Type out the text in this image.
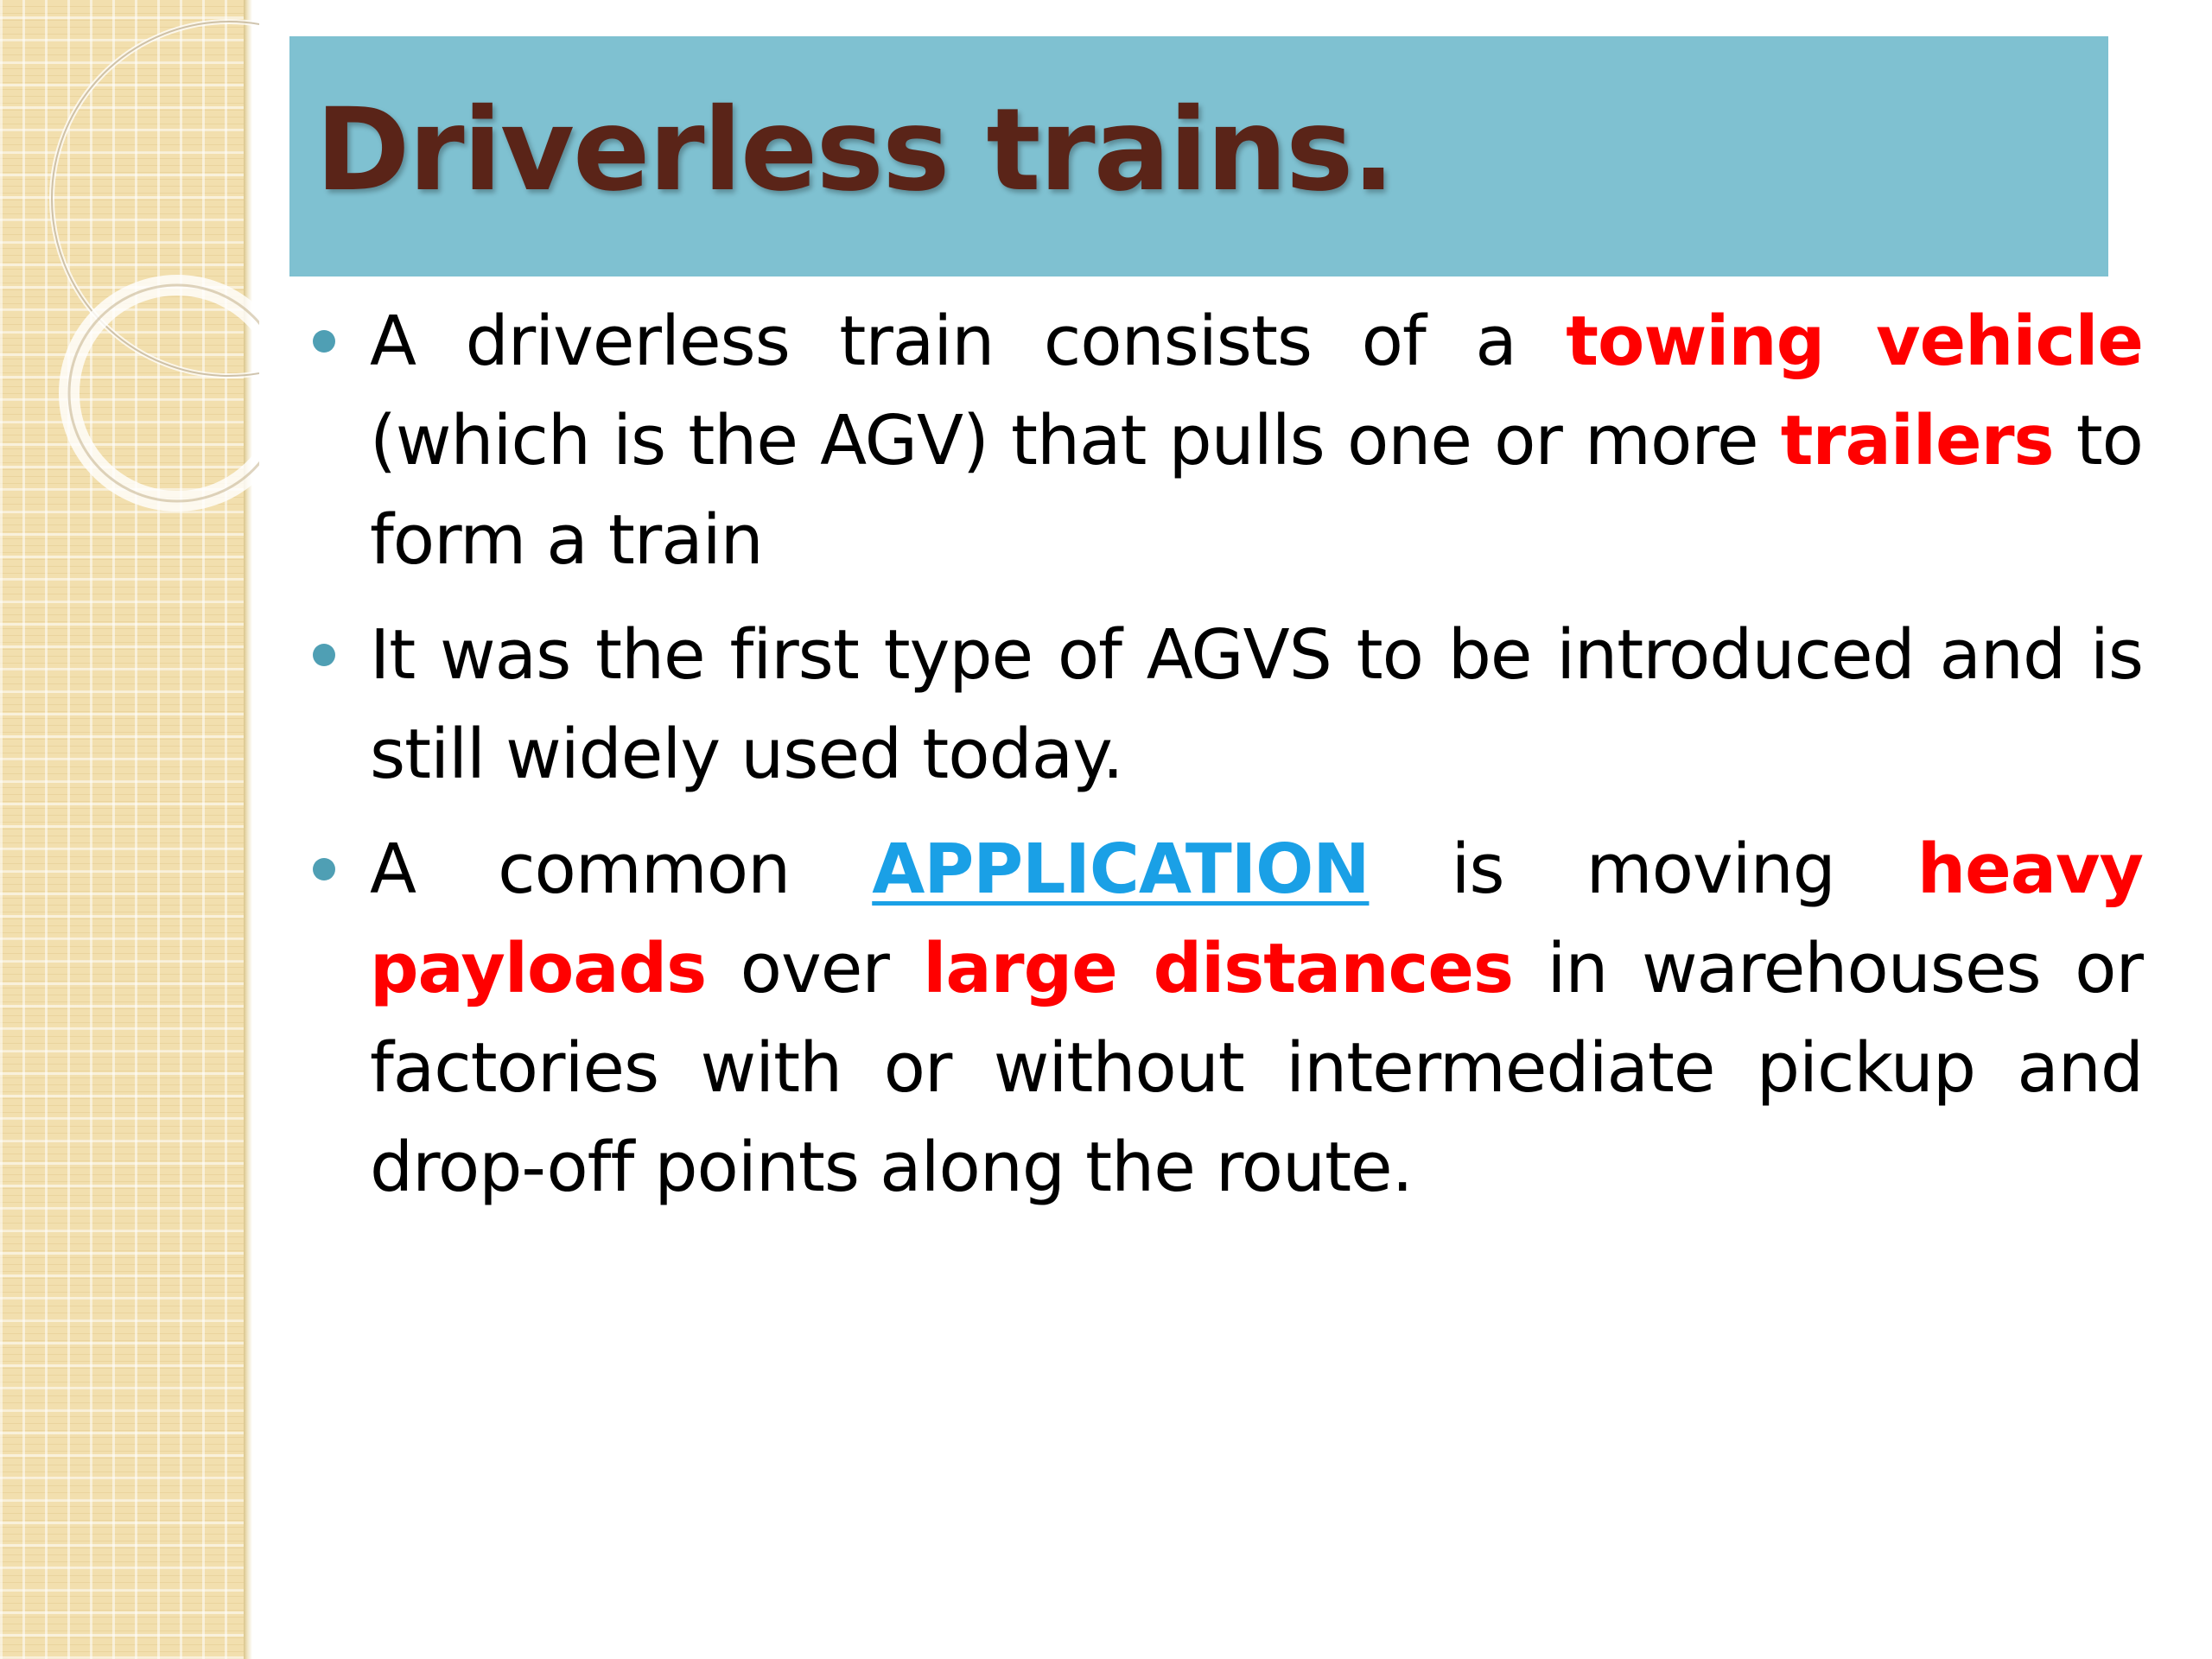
Driverless trains.
A driverless train consists of a towing vehicle (which is the AGV) that pulls one or more trailers to form a train
It was the first type of AGVS to be introduced and is still widely used today.
A common APPLICATION is moving heavy payloads over large distances in warehouses or factories with or without intermediate pickup and drop-off points along the route.
